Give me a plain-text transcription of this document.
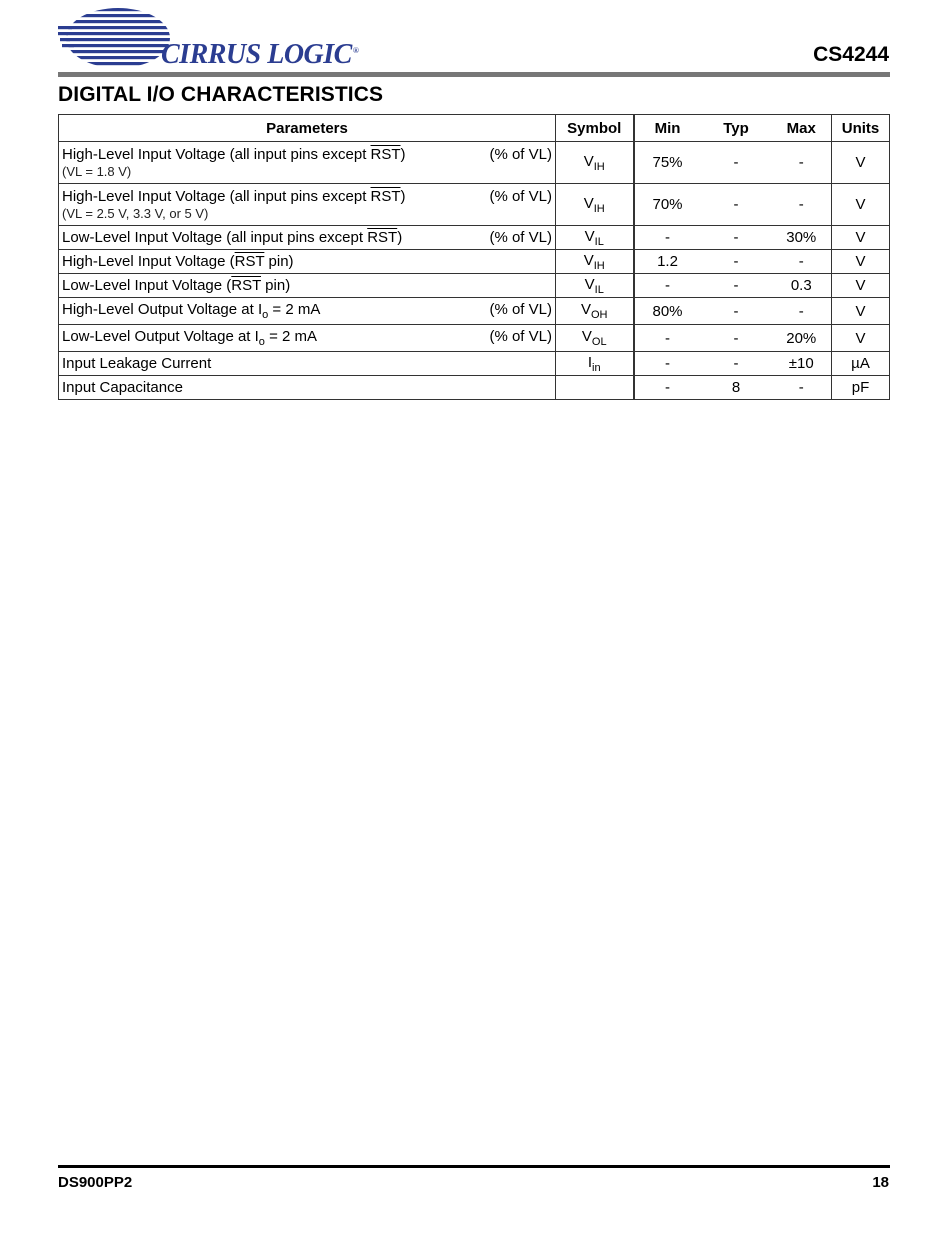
CIRRUS LOGIC®	CS4244
DIGITAL I/O CHARACTERISTICS
Parameters	Symbol	Min	Typ	Max	Units

High-Level Input Voltage (all input pins except $\overline{RST}$) (% of VL)
(VL = 1.8 V)	$V_{IH}$	75%	-	-	V

High-Level Input Voltage (all input pins except $\overline{RST}$) (% of VL)
(VL = 2.5 V, 3.3 V, or 5 V)	$V_{IH}$	70%	-	-	V

Low-Level Input Voltage (all input pins except $\overline{RST}$) (% of VL)	$V_{IL}$	-	-	30%	V

High-Level Input Voltage ($\overline{RST}$ pin)	$V_{IH}$	1.2	-	-	V

Low-Level Input Voltage ($\overline{RST}$ pin)	$V_{IL}$	-	-	0.3	V

High-Level Output Voltage at $I_o = 2$ mA (% of VL)	$V_{OH}$	80%	-	-	V

Low-Level Output Voltage at $I_o = 2$ mA (% of VL)	$V_{OL}$	-	-	20%	V

Input Leakage Current	$I_{in}$	-	-	±10	µA

Input Capacitance		-	8	-	pF
DS900PP2	18
